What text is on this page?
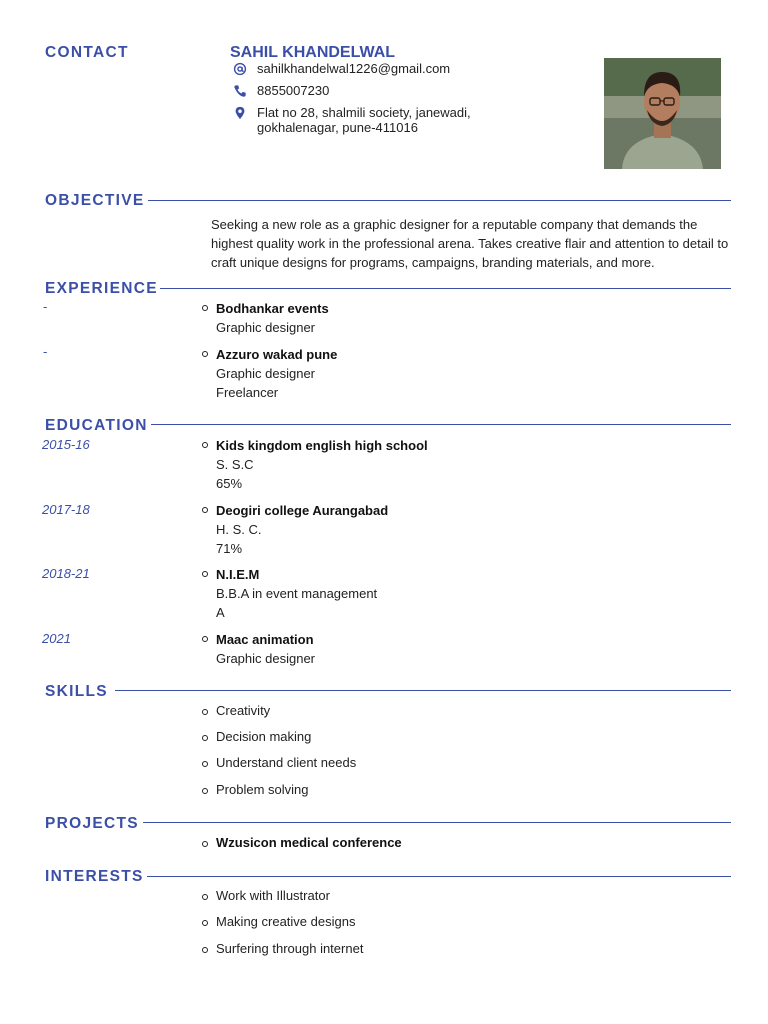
CONTACT	SAHIL KHANDELWAL
sahilkhandelwal1226@gmail.com
8855007230
Flat no 28, shalmili society, janewadi,
gokhalenagar, pune-411016
OBJECTIVE
Seeking a new role as a graphic designer for a reputable company that demands the highest quality work in the professional arena. Takes creative flair and attention to detail to craft unique designs for programs, campaigns, branding materials, and more.
EXPERIENCE
-	Bodhankar events
Graphic designer
-	Azzuro wakad pune
Graphic designer
Freelancer
EDUCATION
2015-16	Kids kingdom english high school
S. S.C
65%
2017-18	Deogiri college Aurangabad
H. S. C.
71%
2018-21	N.I.E.M
B.B.A in event management
A
2021	Maac animation
Graphic designer
SKILLS
Creativity
Decision making
Understand client needs
Problem solving
PROJECTS
Wzusicon medical conference
INTERESTS
Work with Illustrator
Making creative designs
Surfering through internet
